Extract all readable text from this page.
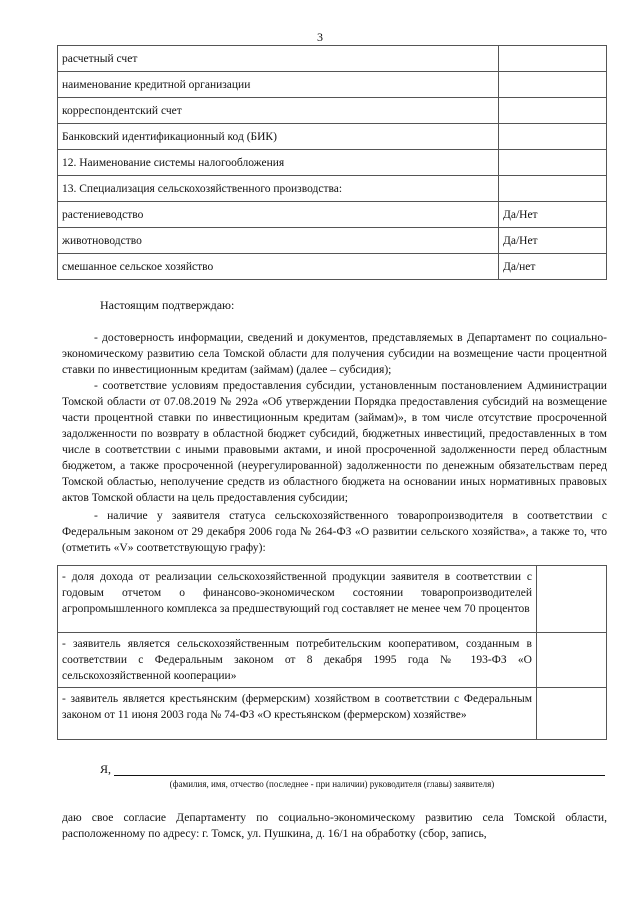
3
расчетный счет	
наименование кредитной организации	
корреспондентский счет	
Банковский идентификационный код (БИК)	
12. Наименование системы налогообложения	
13. Специализация сельскохозяйственного производства:	
растениеводство	Да/Нет
животноводство	Да/Нет
смешанное сельское хозяйство	Да/нет
Настоящим подтверждаю:
- достоверность информации, сведений и документов, представляемых в Департамент по социально-экономическому развитию села Томской области для получения субсидии на возмещение части процентной ставки по инвестиционным кредитам (займам) (далее – субсидия);
- соответствие условиям предоставления субсидии, установленным постановлением Администрации Томской области от 07.08.2019 № 292а «Об утверждении Порядка предоставления субсидий на возмещение части процентной ставки по инвестиционным кредитам (займам)», в том числе отсутствие просроченной задолженности по возврату в областной бюджет субсидий, бюджетных инвестиций, предоставленных в том числе в соответствии с иными правовыми актами, и иной просроченной задолженности перед областным бюджетом, а также просроченной (неурегулированной) задолженности по денежным обязательствам перед Томской областью, неполучение средств из областного бюджета на основании иных нормативных правовых актов Томской области на цель предоставления субсидии;
- наличие у заявителя статуса сельскохозяйственного товаропроизводителя в соответствии с Федеральным законом от 29 декабря 2006 года № 264-ФЗ «О развитии сельского хозяйства», а также то, что (отметить «V» соответствующую графу):
- доля дохода от реализации сельскохозяйственной продукции заявителя в соответствии с годовым отчетом о финансово-экономическом состоянии товаропроизводителей агропромышленного комплекса за предшествующий год составляет не менее чем 70 процентов	
- заявитель является сельскохозяйственным потребительским кооперативом, созданным в соответствии с Федеральным законом от 8 декабря 1995 года № 193-ФЗ «О сельскохозяйственной кооперации»	
- заявитель является крестьянским (фермерским) хозяйством в соответствии с Федеральным законом от 11 июня 2003 года № 74-ФЗ «О крестьянском (фермерском) хозяйстве»	
Я,
(фамилия, имя, отчество (последнее - при наличии) руководителя (главы) заявителя)
даю свое согласие Департаменту по социально-экономическому развитию села Томской области, расположенному по адресу: г. Томск, ул. Пушкина, д. 16/1 на обработку (сбор, запись,
